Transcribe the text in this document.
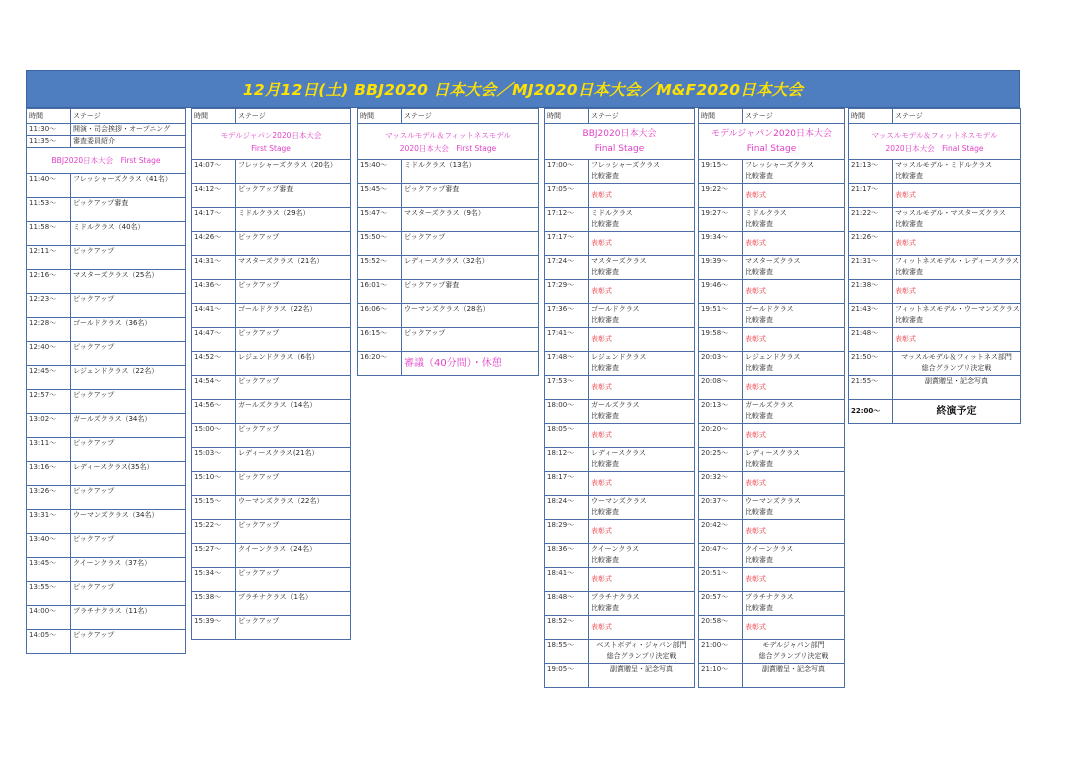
12月12日(土) BBJ2020 日本大会／MJ2020日本大会／M&F2020日本大会
時間	ステージ
11:30～	開演・司会挨拶・オープニング
11:35～	審査委員紹介

BBJ2020日本大会　First Stage	

11:40～	フレッシャーズクラス（41名）
11:53～	ピックアップ審査
11:58～	ミドルクラス（40名）
12:11～	ピックアップ
12:16～	マスターズクラス（25名）
12:23～	ピックアップ
12:28～	ゴールドクラス（36名）
12:40～	ピックアップ
12:45～	レジェンドクラス（22名）
12:57～	ピックアップ
13:02～	ガールズクラス（34名）
13:11～	ピックアップ
13:16～	レディースクラス(35名）
13:26～	ピックアップ
13:31～	ウーマンズクラス（34名）
13:40～	ピックアップ
13:45～	クイーンクラス（37名）
13:55～	ピックアップ
14:00～	プラチナクラス（11名）
14:05～	ピックアップ
時間	ステージ

モデルジャパン2020日本大会
First Stage	

14:07～	フレッシャーズクラス（20名）
14:12～	ピックアップ審査
14:17～	ミドルクラス（29名）
14:26～	ピックアップ
14:31～	マスターズクラス（21名）
14:36～	ピックアップ
14:41～	ゴールドクラス（22名）
14:47～	ピックアップ
14:52～	レジェンドクラス（6名）
14:54～	ピックアップ
14:56～	ガールズクラス（14名）
15:00～	ピックアップ
15:03～	レディースクラス(21名）
15:10～	ピックアップ
15:15～	ウーマンズクラス（22名）
15:22～	ピックアップ
15:27～	クイーンクラス（24名）
15:34～	ピックアップ
15:38～	プラチナクラス（1名）
15:39～	ピックアップ
時間	ステージ

マッスルモデル＆フィットネスモデル
2020日本大会　First Stage	

15:40～	ミドルクラス（13名）
15:45～	ピックアップ審査
15:47～	マスターズクラス（9名）
15:50～	ピックアップ
15:52～	レディースクラス（32名）
16:01～	ピックアップ審査
16:06～	ウーマンズクラス（28名）
16:15～	ピックアップ
16:20～	審議（40分間）・休憩
時間	ステージ

BBJ2020日本大会
Final Stage	

17:00～	フレッシャーズクラス
比較審査

17:05～	表彰式

17:12～	ミドルクラス
比較審査

17:17～	表彰式

17:24～	マスターズクラス
比較審査

17:29～	表彰式

17:36～	ゴールドクラス
比較審査

17:41～	表彰式

17:48～	レジェンドクラス
比較審査

17:53～	表彰式

18:00～	ガールズクラス
比較審査

18:05～	表彰式

18:12～	レディースクラス
比較審査

18:17～	表彰式

18:24～	ウーマンズクラス
比較審査

18:29～	表彰式

18:36～	クイーンクラス
比較審査

18:41～	表彰式

18:48～	プラチナクラス
比較審査

18:52～	表彰式

18:55～	ベストボディ・ジャパン部門
総合グランプリ決定戦

19:05～	副賞贈呈・記念写真
時間	ステージ

モデルジャパン2020日本大会
Final Stage	

19:15～	フレッシャーズクラス
比較審査

19:22～	表彰式

19:27～	ミドルクラス
比較審査

19:34～	表彰式

19:39～	マスターズクラス
比較審査

19:46～	表彰式

19:51～	ゴールドクラス
比較審査

19:58～	表彰式

20:03～	レジェンドクラス
比較審査

20:08～	表彰式

20:13～	ガールズクラス
比較審査

20:20～	表彰式

20:25～	レディースクラス
比較審査

20:32～	表彰式

20:37～	ウーマンズクラス
比較審査

20:42～	表彰式

20:47～	クイーンクラス
比較審査

20:51～	表彰式

20:57～	プラチナクラス
比較審査

20:58～	表彰式

21:00～	モデルジャパン部門
総合グランプリ決定戦

21:10～	副賞贈呈・記念写真
時間	ステージ

マッスルモデル＆フィットネスモデル
2020日本大会　Final Stage	

21:13～	マッスルモデル・ミドルクラス
比較審査

21:17～	表彰式

21:22～	マッスルモデル・マスターズクラス
比較審査

21:26～	表彰式

21:31～	フィットネスモデル・レディースクラス
比較審査

21:38～	表彰式

21:43～	フィットネスモデル・ウーマンズクラス
比較審査

21:48～	表彰式

21:50～	マッスルモデル＆フィットネス部門
総合グランプリ決定戦

21:55～	副賞贈呈・記念写真

22:00～	終演予定
